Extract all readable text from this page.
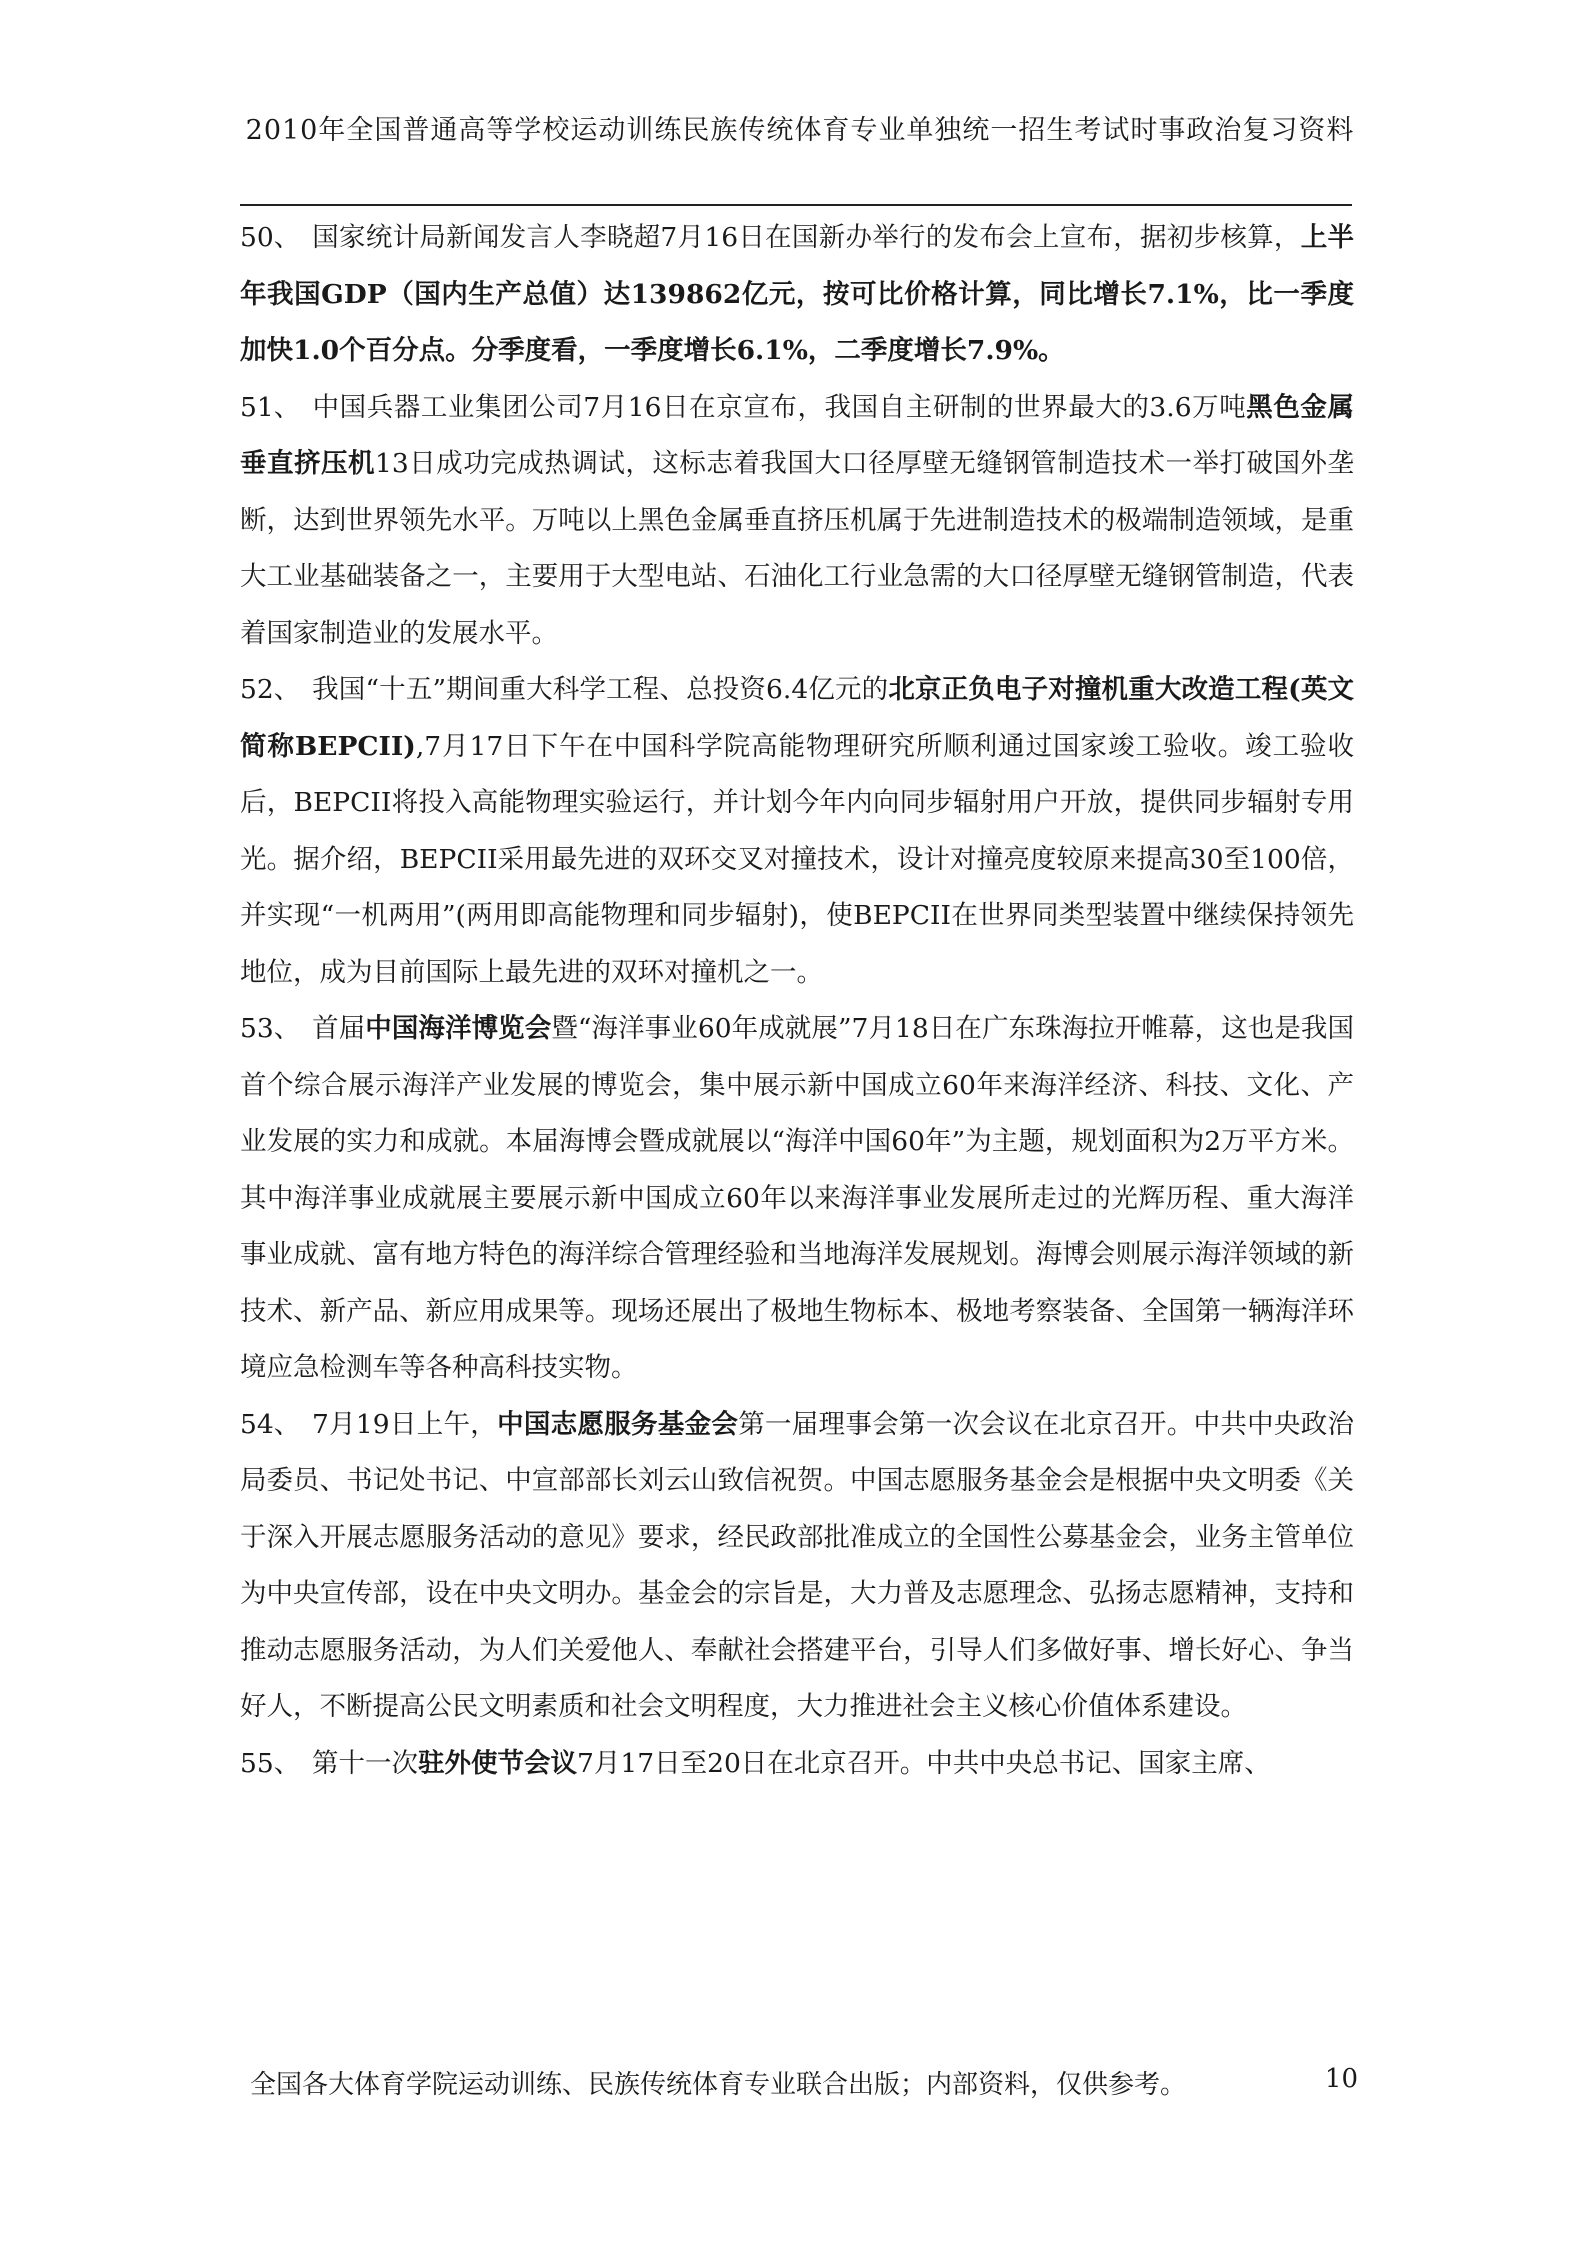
2010年全国普通高等学校运动训练民族传统体育专业单独统一招生考试时事政治复习资料

50、 国家统计局新闻发言人李晓超7月16日在国新办举行的发布会上宣布，据初步核算，上半年我国GDP（国内生产总值）达139862亿元，按可比价格计算，同比增长7.1%，比一季度加快1.0个百分点。分季度看，一季度增长6.1%，二季度增长7.9%。

51、 中国兵器工业集团公司7月16日在京宣布，我国自主研制的世界最大的3.6万吨黑色金属垂直挤压机13日成功完成热调试，这标志着我国大口径厚壁无缝钢管制造技术一举打破国外垄断，达到世界领先水平。万吨以上黑色金属垂直挤压机属于先进制造技术的极端制造领域，是重大工业基础装备之一，主要用于大型电站、石油化工行业急需的大口径厚壁无缝钢管制造，代表着国家制造业的发展水平。

52、 我国“十五”期间重大科学工程、总投资6.4亿元的北京正负电子对撞机重大改造工程(英文简称BEPCII),7月17日下午在中国科学院高能物理研究所顺利通过国家竣工验收。竣工验收后，BEPCII将投入高能物理实验运行，并计划今年内向同步辐射用户开放，提供同步辐射专用光。据介绍，BEPCII采用最先进的双环交叉对撞技术，设计对撞亮度较原来提高30至100倍，并实现“一机两用”(两用即高能物理和同步辐射)，使BEPCII在世界同类型装置中继续保持领先地位，成为目前国际上最先进的双环对撞机之一。

53、 首届中国海洋博览会暨“海洋事业60年成就展”7月18日在广东珠海拉开帷幕，这也是我国首个综合展示海洋产业发展的博览会，集中展示新中国成立60年来海洋经济、科技、文化、产业发展的实力和成就。本届海博会暨成就展以“海洋中国60年”为主题，规划面积为2万平方米。其中海洋事业成就展主要展示新中国成立60年以来海洋事业发展所走过的光辉历程、重大海洋事业成就、富有地方特色的海洋综合管理经验和当地海洋发展规划。海博会则展示海洋领域的新技术、新产品、新应用成果等。现场还展出了极地生物标本、极地考察装备、全国第一辆海洋环境应急检测车等各种高科技实物。

54、 7月19日上午，中国志愿服务基金会第一届理事会第一次会议在北京召开。中共中央政治局委员、书记处书记、中宣部部长刘云山致信祝贺。中国志愿服务基金会是根据中央文明委《关于深入开展志愿服务活动的意见》要求，经民政部批准成立的全国性公募基金会，业务主管单位为中央宣传部，设在中央文明办。基金会的宗旨是，大力普及志愿理念、弘扬志愿精神，支持和推动志愿服务活动，为人们关爱他人、奉献社会搭建平台，引导人们多做好事、增长好心、争当好人，不断提高公民文明素质和社会文明程度，大力推进社会主义核心价值体系建设。

55、 第十一次驻外使节会议7月17日至20日在北京召开。中共中央总书记、国家主席、

全国各大体育学院运动训练、民族传统体育专业联合出版；内部资料，仅供参考。	10
